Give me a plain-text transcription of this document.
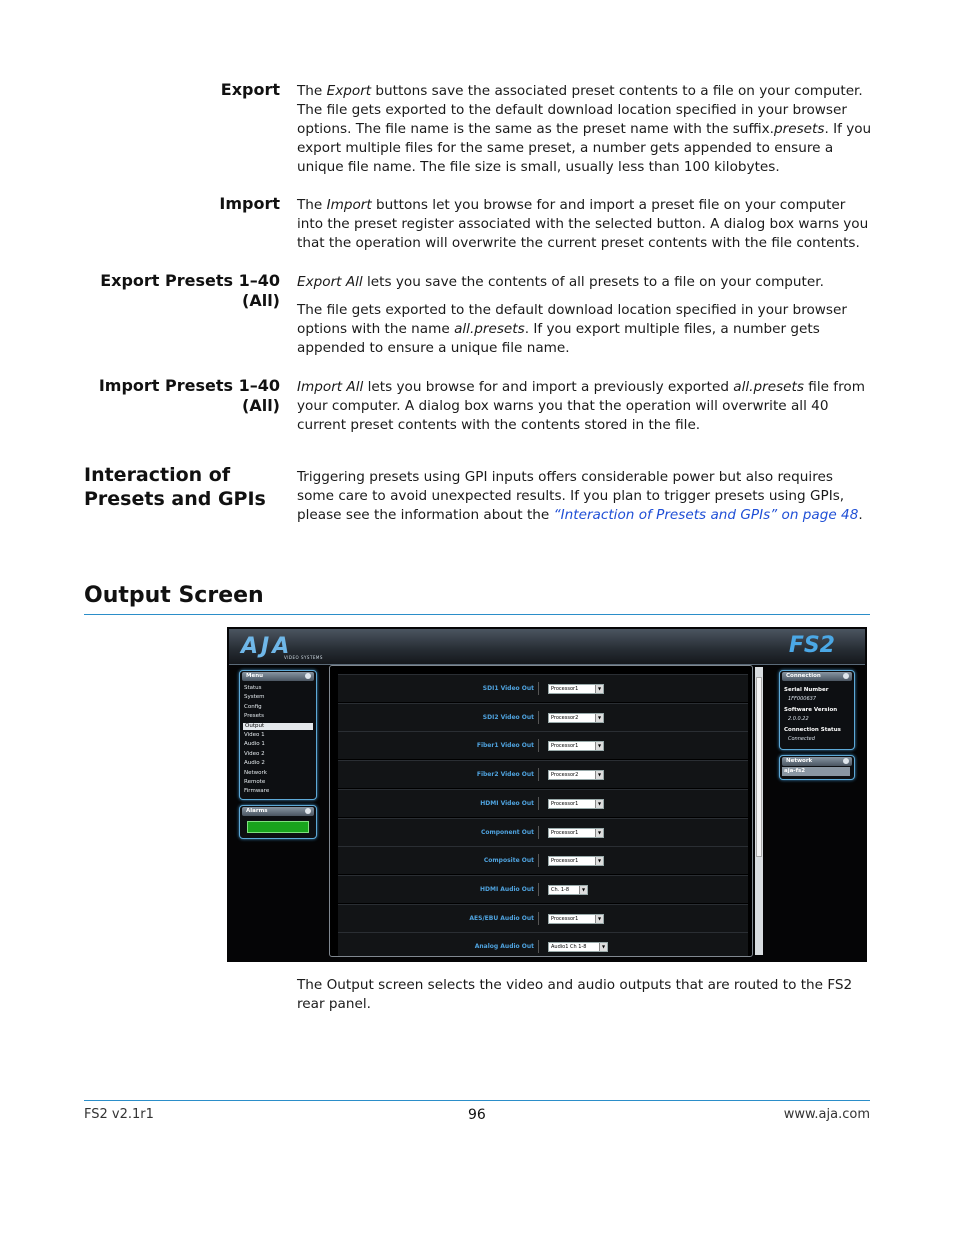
Export The Export buttons save the associated preset contents to a file on your computer. The file gets exported to the default download location specified in your browser options. The file name is the same as the preset name with the suffix.presets. If you export multiple files for the same preset, a number gets appended to ensure a unique file name. The file size is small, usually less than 100 kilobytes.

Import The Import buttons let you browse for and import a preset file on your computer into the preset register associated with the selected button. A dialog box warns you that the operation will overwrite the current preset contents with the file contents.

Export Presets 1–40
(All)

Export All lets you save the contents of all presets to a file on your computer.

The file gets exported to the default download location specified in your browser options with the name all.presets. If you export multiple files, a number gets appended to ensure a unique file name.

Import Presets 1–40
(All)

Import All lets you browse for and import a previously exported all.presets file from your computer. A dialog box warns you that the operation will overwrite all 40 current preset contents with the contents stored in the file.

Interaction of
Presets and GPIs

Triggering presets using GPI inputs offers considerable power but also requires some care to avoid unexpected results. If you plan to trigger presets using GPIs, please see the information about the “Interaction of Presets and GPIs” on page 48.

Output Screen
AJA
VIDEO SYSTEMS	FS2
Menu
Status
System
Config
Presets
Output
Video 1
Audio 1
Video 2
Audio 2
Network
Remote
Firmware
Alarms
SDI1 Video Out	Processor1	▼
SDI2 Video Out	Processor2	▼
Fiber1 Video Out	Processor1	▼
Fiber2 Video Out	Processor2	▼
HDMI Video Out	Processor1	▼
Component Out	Processor1	▼
Composite Out	Processor1	▼
HDMI Audio Out	Ch. 1-8	▼
AES/EBU Audio Out	Processor1	▼
Analog Audio Out	Audio1 Ch 1-8	▼
Connection
Serial Number
1FF000637
Software Version
2.0.0.22
Connection Status
Connected
Network
aja-fs2
The Output screen selects the video and audio outputs that are routed to the FS2 rear panel.
FS2 v2.1r1	96	www.aja.com
